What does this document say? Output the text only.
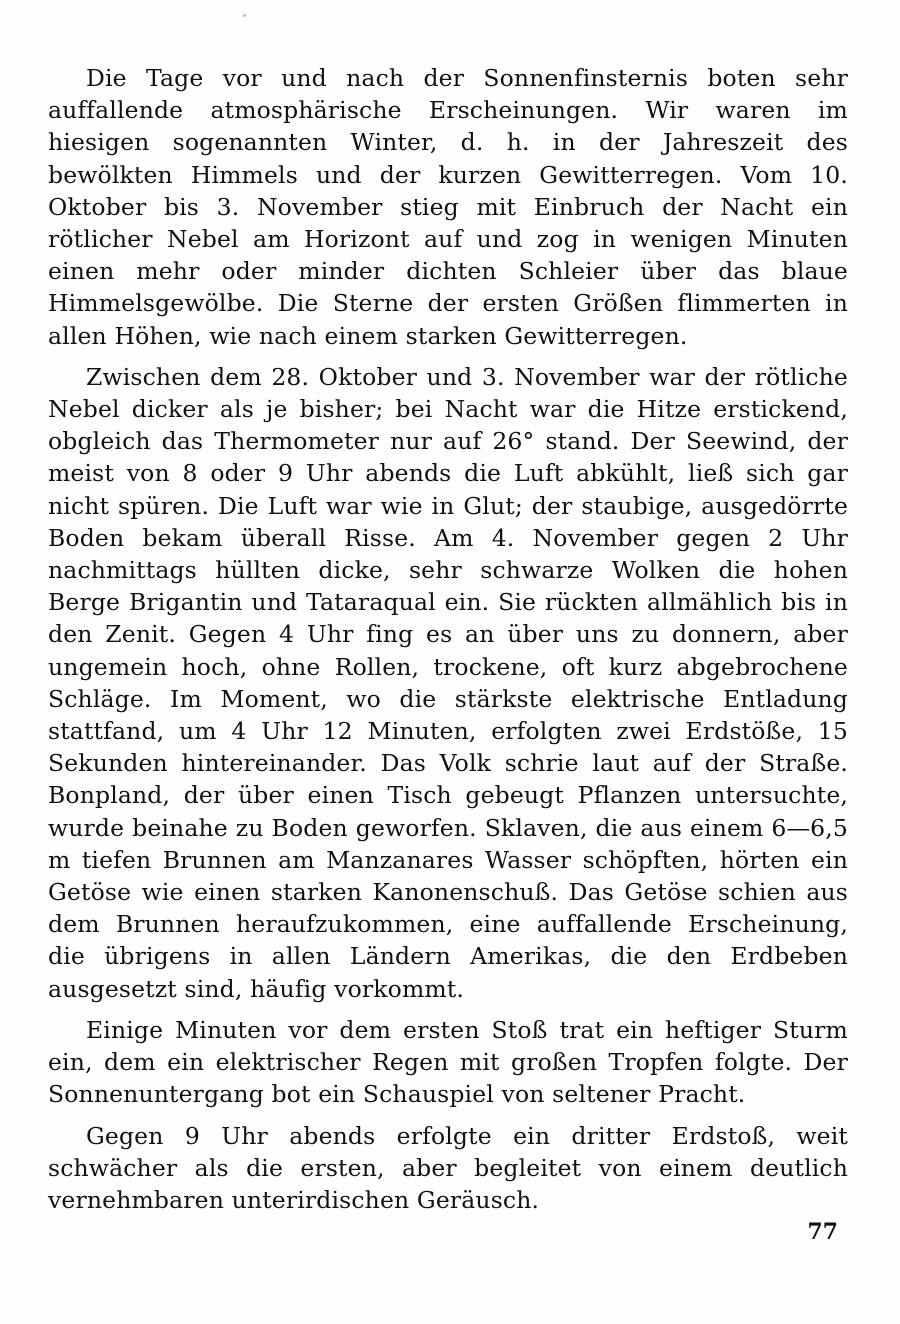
Die Tage vor und nach der Sonnenfinsternis boten sehr auffallende atmosphärische Erscheinungen. Wir waren im hiesigen sogenannten Winter, d. h. in der Jahreszeit des bewölkten Himmels und der kurzen Gewitterregen. Vom 10. Oktober bis 3. November stieg mit Einbruch der Nacht ein rötlicher Nebel am Horizont auf und zog in wenigen Minuten einen mehr oder minder dichten Schleier über das blaue Himmelsgewölbe. Die Sterne der ersten Größen flimmerten in allen Höhen, wie nach einem starken Gewitterregen.

Zwischen dem 28. Oktober und 3. November war der rötliche Nebel dicker als je bisher; bei Nacht war die Hitze erstickend, obgleich das Thermometer nur auf 26° stand. Der Seewind, der meist von 8 oder 9 Uhr abends die Luft abkühlt, ließ sich gar nicht spüren. Die Luft war wie in Glut; der staubige, ausgedörrte Boden bekam überall Risse. Am 4. November gegen 2 Uhr nachmittags hüllten dicke, sehr schwarze Wolken die hohen Berge Brigantin und Tataraqual ein. Sie rückten allmählich bis in den Zenit. Gegen 4 Uhr fing es an über uns zu donnern, aber ungemein hoch, ohne Rollen, trockene, oft kurz abgebrochene Schläge. Im Moment, wo die stärkste elektrische Entladung stattfand, um 4 Uhr 12 Minuten, erfolgten zwei Erdstöße, 15 Sekunden hintereinander. Das Volk schrie laut auf der Straße. Bonpland, der über einen Tisch gebeugt Pflanzen untersuchte, wurde beinahe zu Boden geworfen. Sklaven, die aus einem 6—6,5 m tiefen Brunnen am Manzanares Wasser schöpften, hörten ein Getöse wie einen starken Kanonenschuß. Das Getöse schien aus dem Brunnen heraufzukommen, eine auffallende Erscheinung, die übrigens in allen Ländern Amerikas, die den Erdbeben ausgesetzt sind, häufig vorkommt.

Einige Minuten vor dem ersten Stoß trat ein heftiger Sturm ein, dem ein elektrischer Regen mit großen Tropfen folgte. Der Sonnenuntergang bot ein Schauspiel von seltener Pracht.

Gegen 9 Uhr abends erfolgte ein dritter Erdstoß, weit schwächer als die ersten, aber begleitet von einem deutlich vernehmbaren unterirdischen Geräusch.

77
